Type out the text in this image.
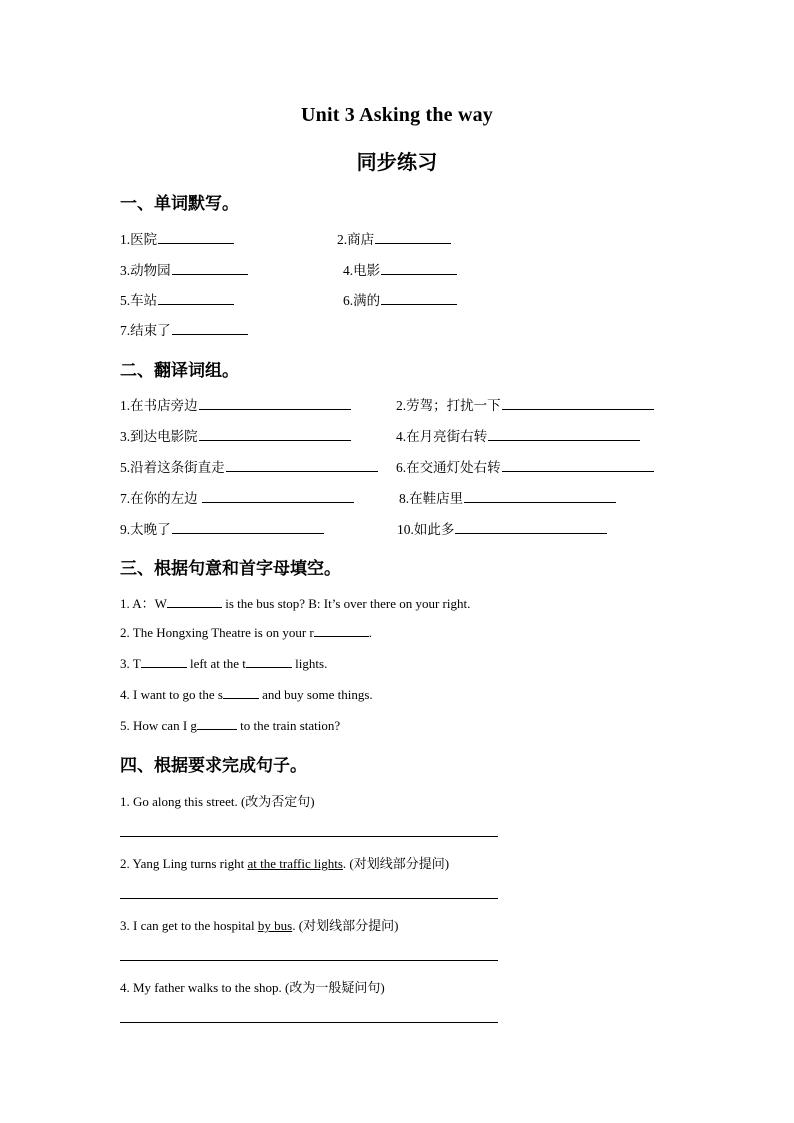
Unit 3 Asking the way
同步练习
一、单词默写。
1.医院	2.商店
3.动物园	4.电影
5.车站	6.满的
7.结束了
二、翻译词组。
1.在书店旁边	2.劳驾；打扰一下
3.到达电影院	4.在月亮街右转
5.沿着这条街直走	6.在交通灯处右转
7.在你的左边	8.在鞋店里
9.太晚了	10.如此多
三、根据句意和首字母填空。
1. A：W	is the bus stop? B: It’s over there on your right.
2. The Hongxing Theatre is on your r	.
3. T	left at the t	lights.
4. I want to go the s	and buy some things.
5. How can I g	to the train station?
四、根据要求完成句子。
1. Go along this street. (改为否定句)
2. Yang Ling turns right at the traffic lights. (对划线部分提问)
3. I can get to the hospital by bus. (对划线部分提问)
4. My father walks to the shop. (改为一般疑问句)
